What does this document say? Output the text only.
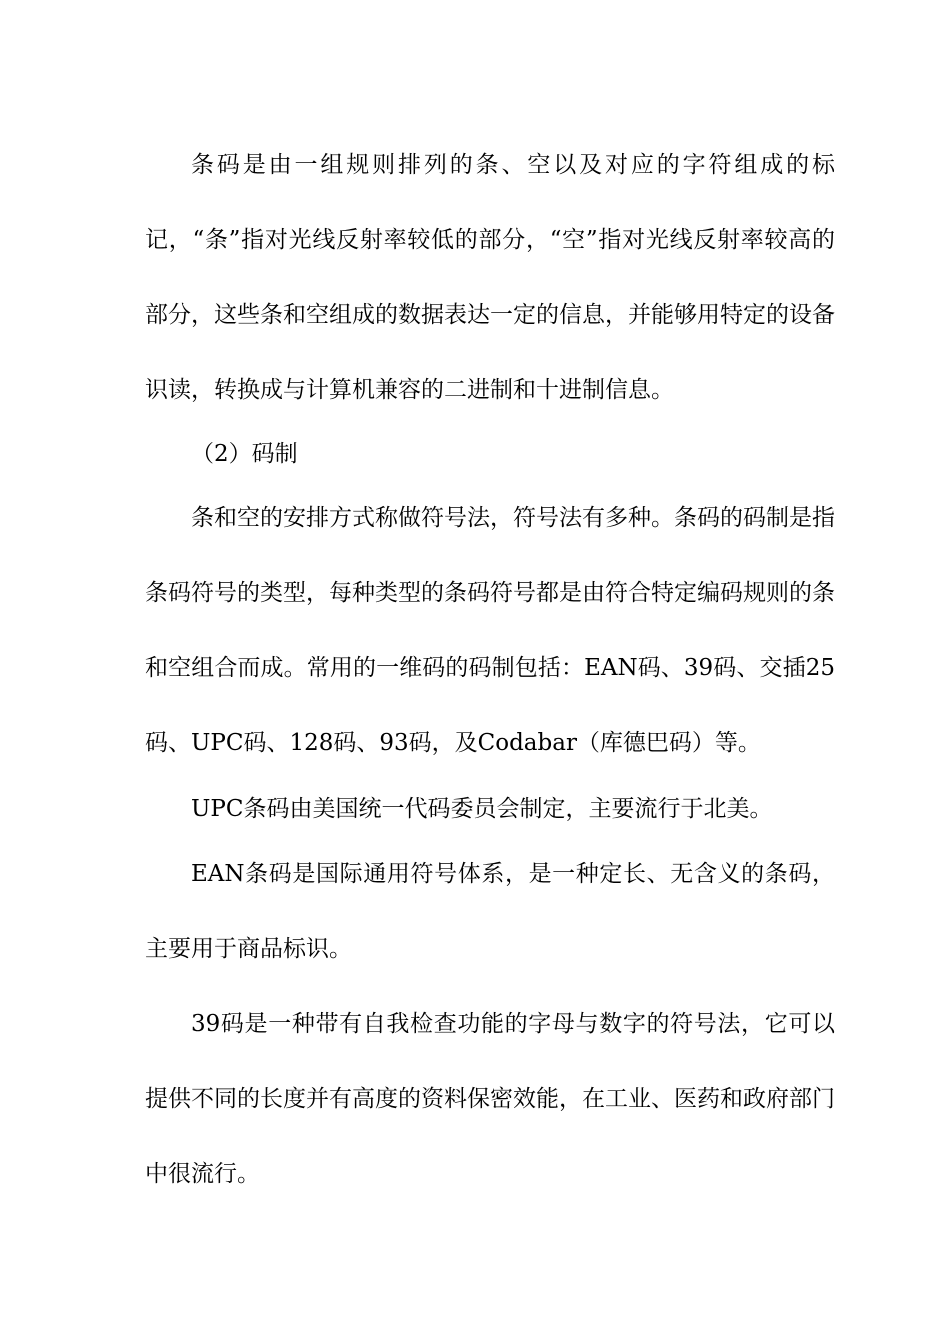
条码是由一组规则排列的条、空以及对应的字符组成的标记，“条”指对光线反射率较低的部分，“空”指对光线反射率较高的部分，这些条和空组成的数据表达一定的信息，并能够用特定的设备识读，转换成与计算机兼容的二进制和十进制信息。

（2）码制

条和空的安排方式称做符号法，符号法有多种。条码的码制是指条码符号的类型，每种类型的条码符号都是由符合特定编码规则的条和空组合而成。常用的一维码的码制包括：EAN码、39码、交插25码、UPC码、128码、93码，及Codabar（库德巴码）等。

UPC条码由美国统一代码委员会制定，主要流行于北美。

EAN条码是国际通用符号体系，是一种定长、无含义的条码，主要用于商品标识。

39码是一种带有自我检查功能的字母与数字的符号法，它可以提供不同的长度并有高度的资料保密效能，在工业、医药和政府部门中很流行。
